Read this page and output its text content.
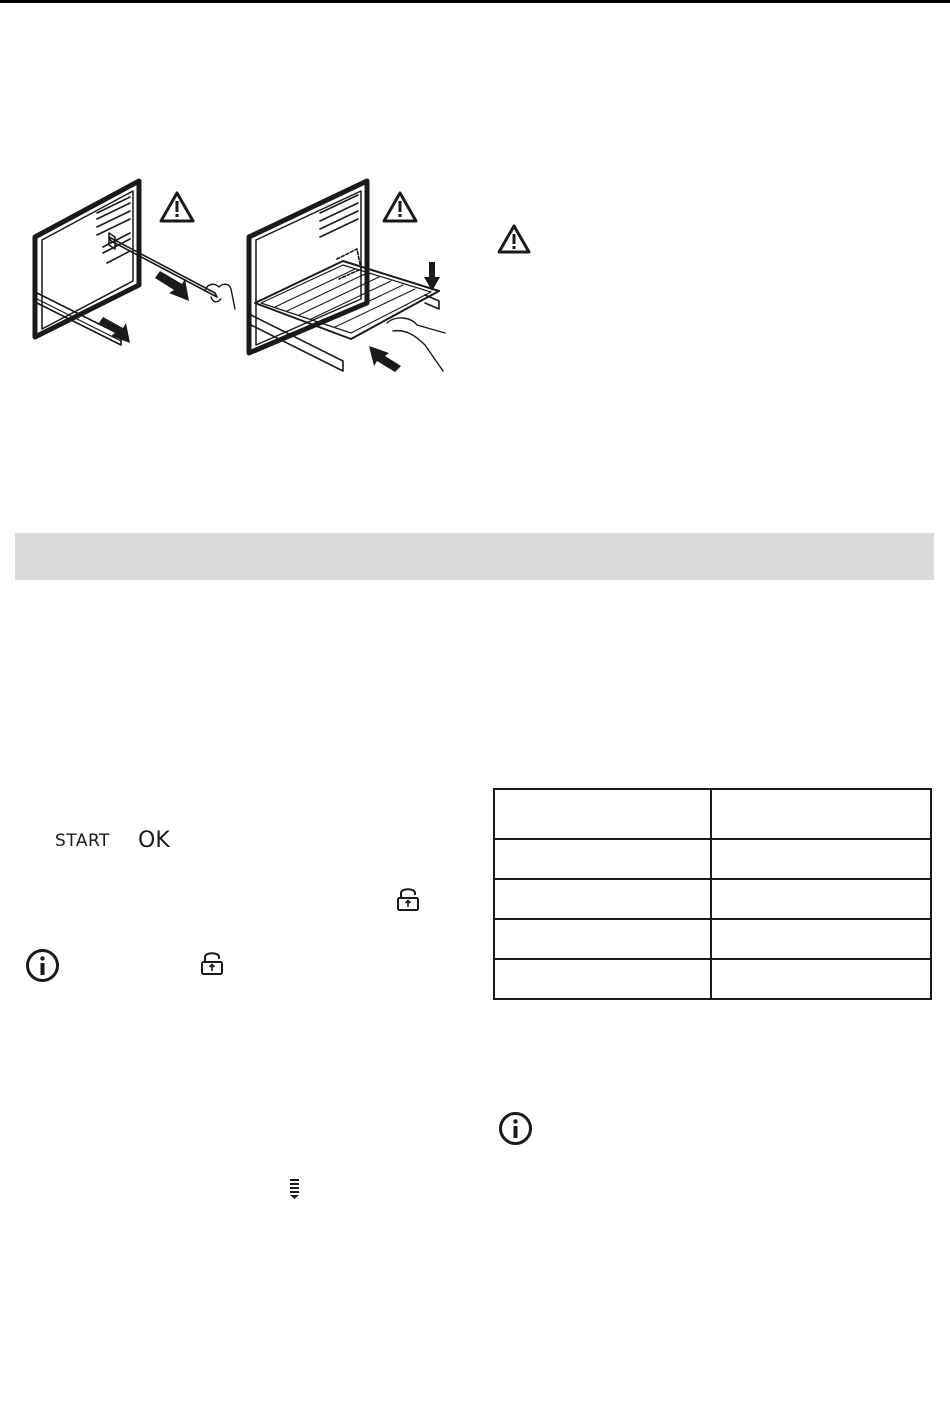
START OK
